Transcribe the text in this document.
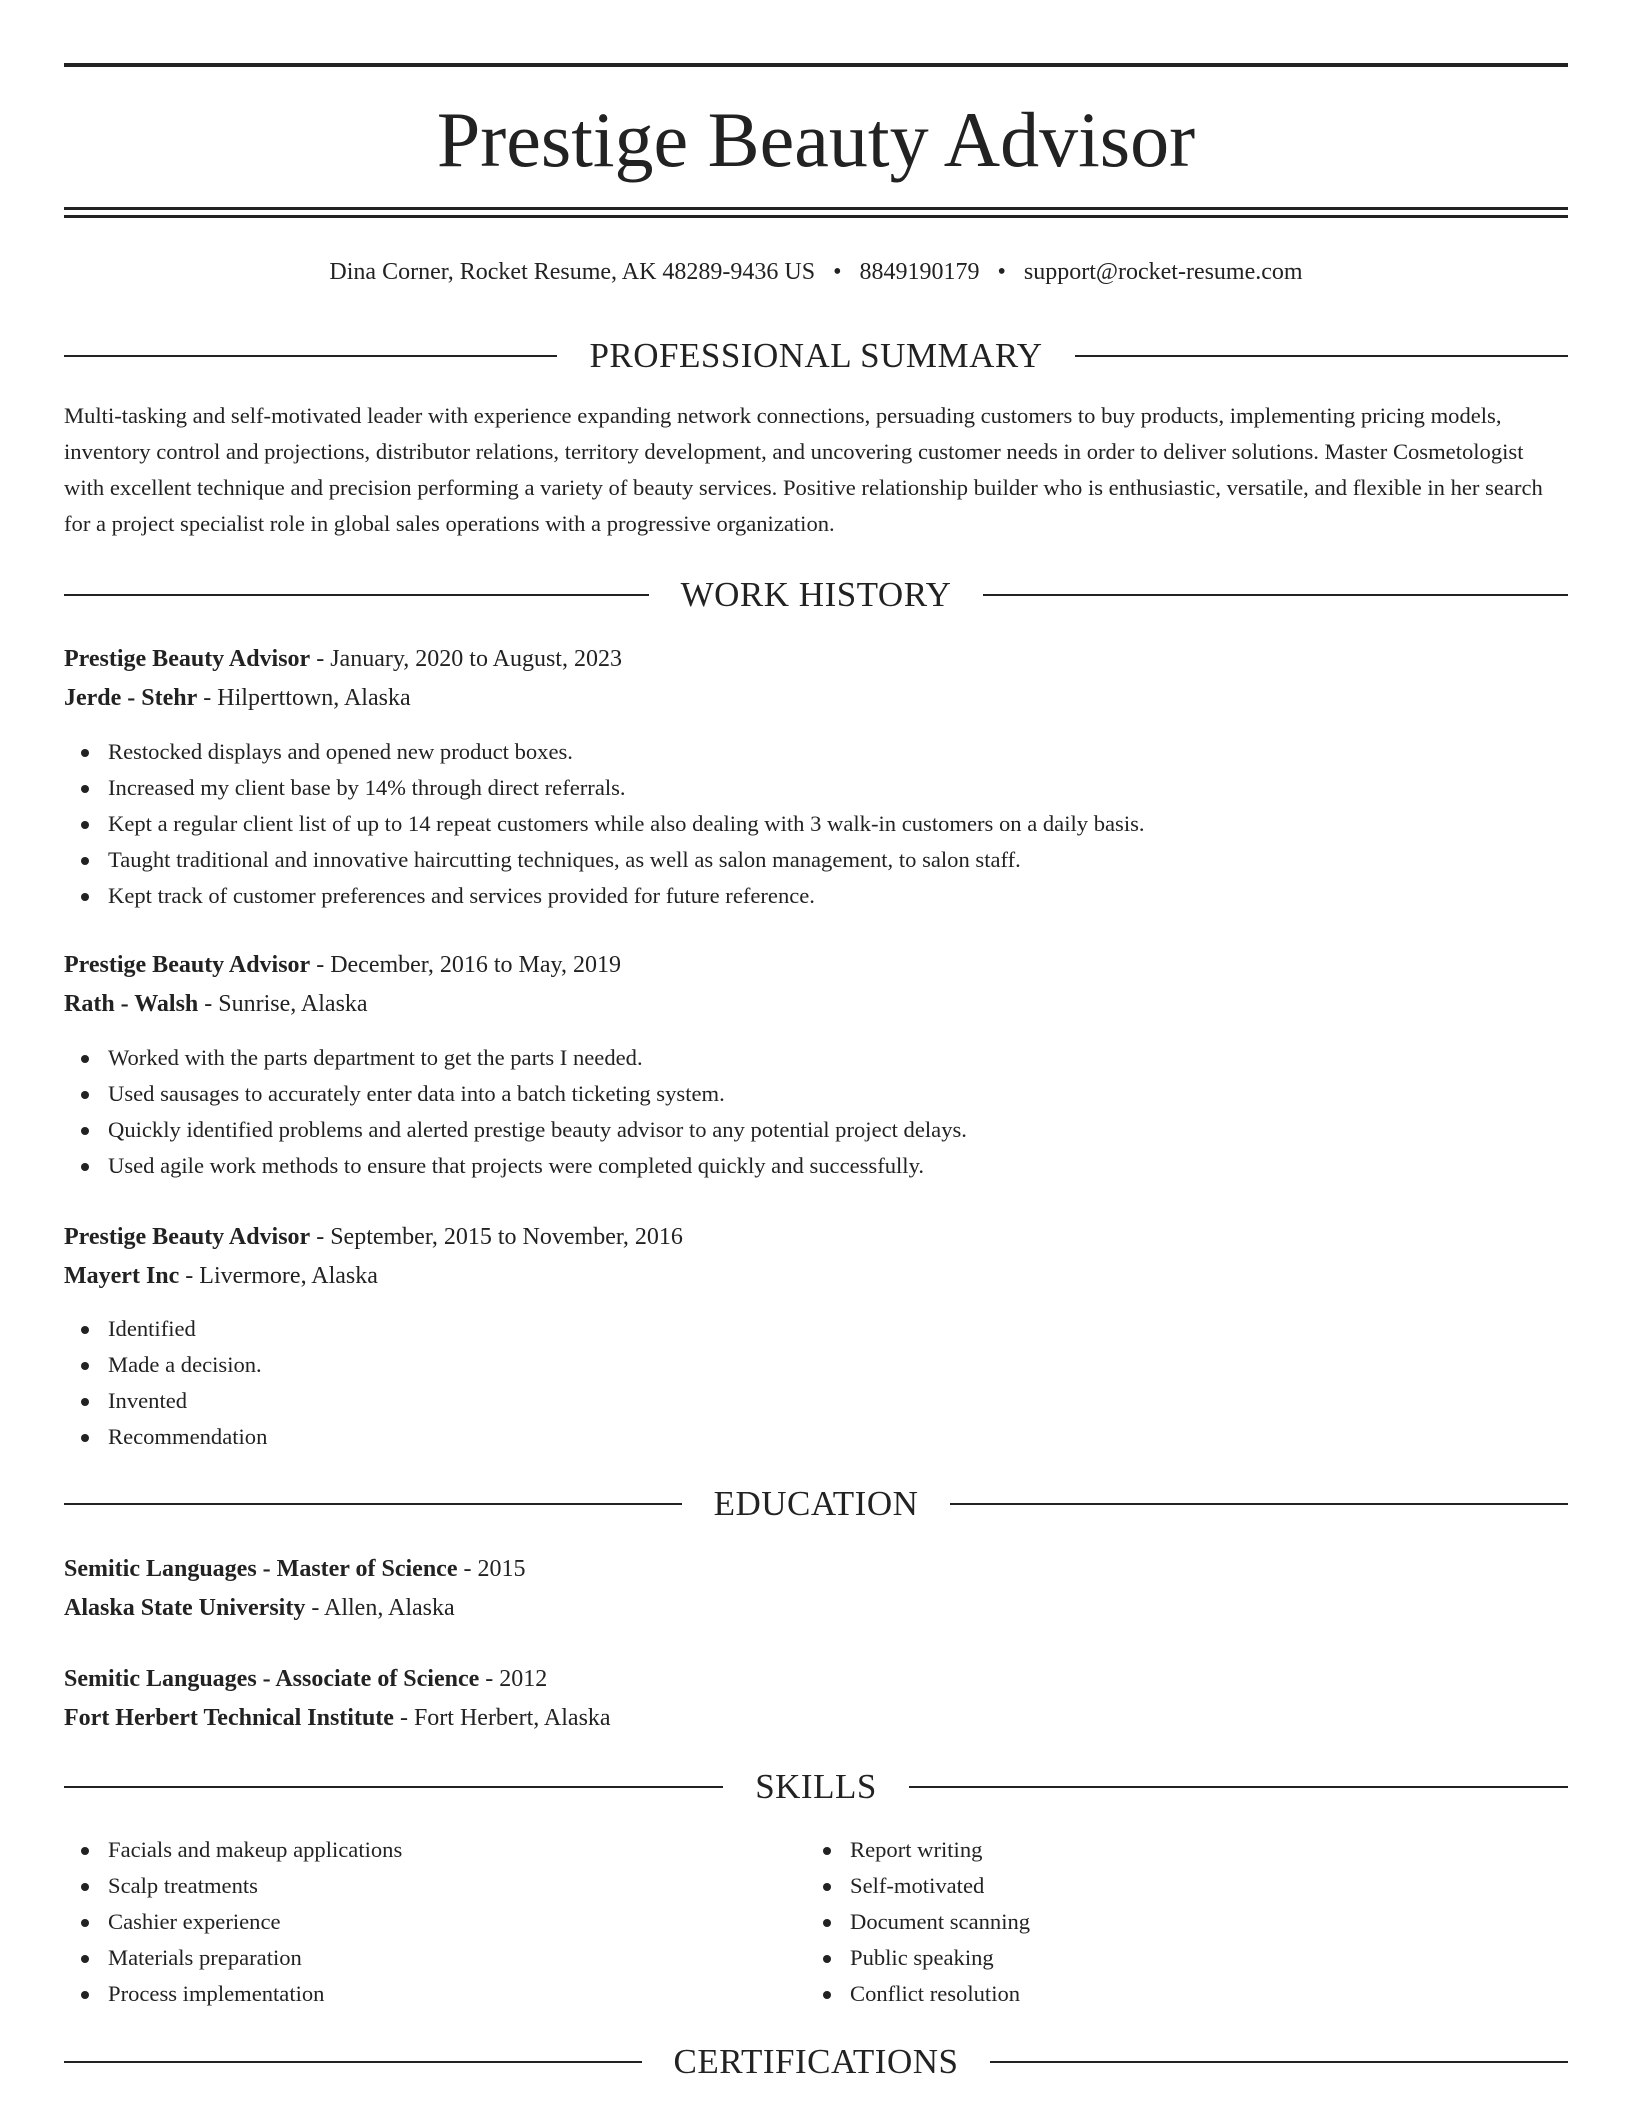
Prestige Beauty Advisor
Dina Corner, Rocket Resume, AK 48289-9436 US • 8849190179 • support@rocket-resume.com
PROFESSIONAL SUMMARY

Multi-tasking and self-motivated leader with experience expanding network connections, persuading customers to buy products, implementing pricing models, inventory control and projections, distributor relations, territory development, and uncovering customer needs in order to deliver solutions. Master Cosmetologist with excellent technique and precision performing a variety of beauty services. Positive relationship builder who is enthusiastic, versatile, and flexible in her search for a project specialist role in global sales operations with a progressive organization.

WORK HISTORY
Prestige Beauty Advisor - January, 2020 to August, 2023
Jerde - Stehr - Hilperttown, Alaska
Restocked displays and opened new product boxes.
Increased my client base by 14% through direct referrals.
Kept a regular client list of up to 14 repeat customers while also dealing with 3 walk-in customers on a daily basis.
Taught traditional and innovative haircutting techniques, as well as salon management, to salon staff.
Kept track of customer preferences and services provided for future reference.
Prestige Beauty Advisor - December, 2016 to May, 2019
Rath - Walsh - Sunrise, Alaska
Worked with the parts department to get the parts I needed.
Used sausages to accurately enter data into a batch ticketing system.
Quickly identified problems and alerted prestige beauty advisor to any potential project delays.
Used agile work methods to ensure that projects were completed quickly and successfully.
Prestige Beauty Advisor - September, 2015 to November, 2016
Mayert Inc - Livermore, Alaska
Identified
Made a decision.
Invented
Recommendation
EDUCATION
Semitic Languages - Master of Science - 2015
Alaska State University - Allen, Alaska
Semitic Languages - Associate of Science - 2012
Fort Herbert Technical Institute - Fort Herbert, Alaska
SKILLS
Facials and makeup applications
Scalp treatments
Cashier experience
Materials preparation
Process implementation
Report writing
Self-motivated
Document scanning
Public speaking
Conflict resolution
CERTIFICATIONS
